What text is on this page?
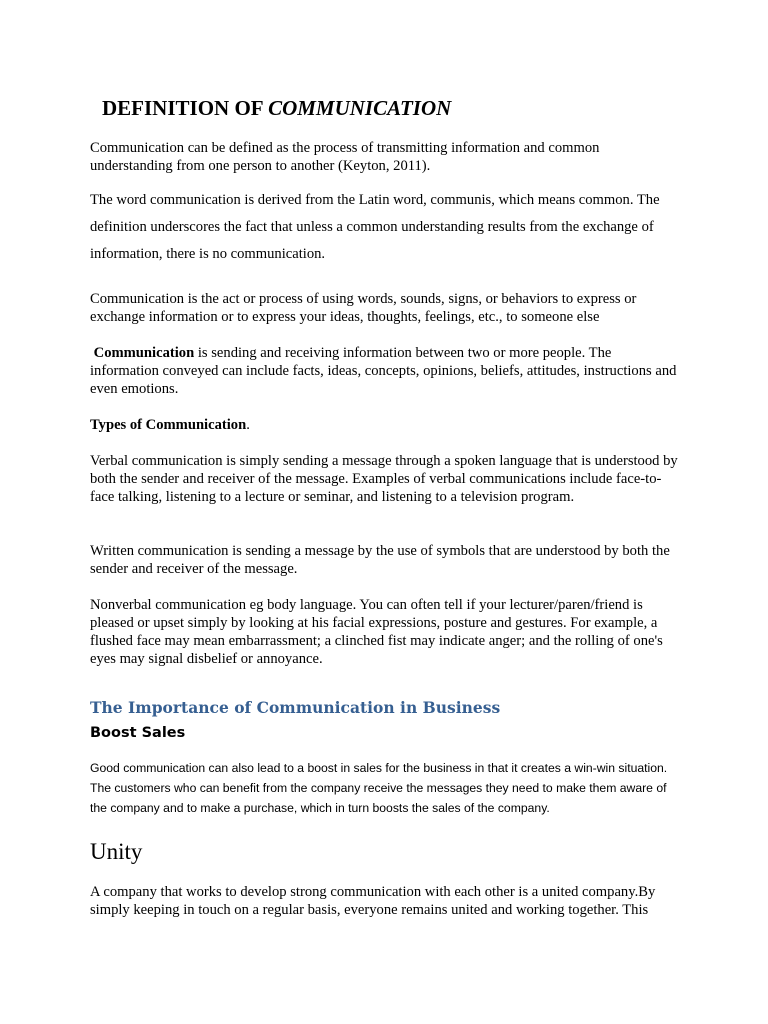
DEFINITION OF COMMUNICATION

Communication can be defined as the process of transmitting information and common understanding from one person to another (Keyton, 2011).

The word communication is derived from the Latin word, communis, which means common. The definition underscores the fact that unless a common understanding results from the exchange of information, there is no communication.

Communication is the act or process of using words, sounds, signs, or behaviors to express or exchange information or to express your ideas, thoughts, feelings, etc., to someone else

Communication is sending and receiving information between two or more people. The information conveyed can include facts, ideas, concepts, opinions, beliefs, attitudes, instructions and even emotions.

Types of Communication.

Verbal communication is simply sending a message through a spoken language that is understood by both the sender and receiver of the message. Examples of verbal communications include face-to-face talking, listening to a lecture or seminar, and listening to a television program.

Written communication is sending a message by the use of symbols that are understood by both the sender and receiver of the message.

Nonverbal communication eg body language. You can often tell if your lecturer/paren/friend is pleased or upset simply by looking at his facial expressions, posture and gestures. For example, a flushed face may mean embarrassment; a clinched fist may indicate anger; and the rolling of one's eyes may signal disbelief or annoyance.

The Importance of Communication in Business
Boost Sales

Good communication can also lead to a boost in sales for the business in that it creates a win-win situation. The customers who can benefit from the company receive the messages they need to make them aware of the company and to make a purchase, which in turn boosts the sales of the company.

Unity

A company that works to develop strong communication with each other is a united company.By simply keeping in touch on a regular basis, everyone remains united and working together. This
